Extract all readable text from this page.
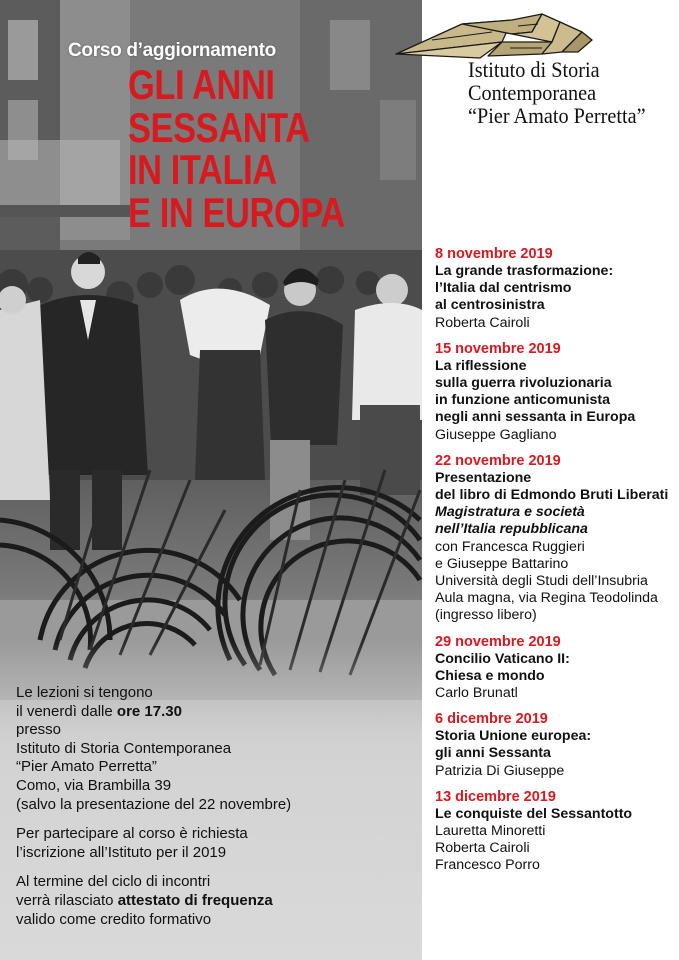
Corso d’aggiornamento
GLI ANNI
SESSANTA
IN ITALIA
E IN EUROPA

Le lezioni si tengono
il venerdì dalle ore 17.30
presso
Istituto di Storia Contemporanea
“Pier Amato Perretta”
Como, via Brambilla 39
(salvo la presentazione del 22 novembre)

Per partecipare al corso è richiesta
l’iscrizione all’Istituto per il 2019

Al termine del ciclo di incontri
verrà rilasciato attestato di frequenza
valido come credito formativo

Istituto di Storia
Contemporanea
“Pier Amato Perretta”
8 novembre 2019
La grande trasformazione:
l’Italia dal centrismo
al centrosinistra
Roberta Cairoli
15 novembre 2019
La riflessione
sulla guerra rivoluzionaria
in funzione anticomunista
negli anni sessanta in Europa
Giuseppe Gagliano
22 novembre 2019
Presentazione
del libro di Edmondo Bruti Liberati
Magistratura e società
nell’Italia repubblicana
con Francesca Ruggieri
e Giuseppe Battarino
Università degli Studi dell’Insubria
Aula magna, via Regina Teodolinda
(ingresso libero)
29 novembre 2019
Concilio Vaticano II:
Chiesa e mondo
Carlo Brunatl
6 dicembre 2019
Storia Unione europea:
gli anni Sessanta
Patrizia Di Giuseppe
13 dicembre 2019
Le conquiste del Sessantotto
Lauretta Minoretti
Roberta Cairoli
Francesco Porro
